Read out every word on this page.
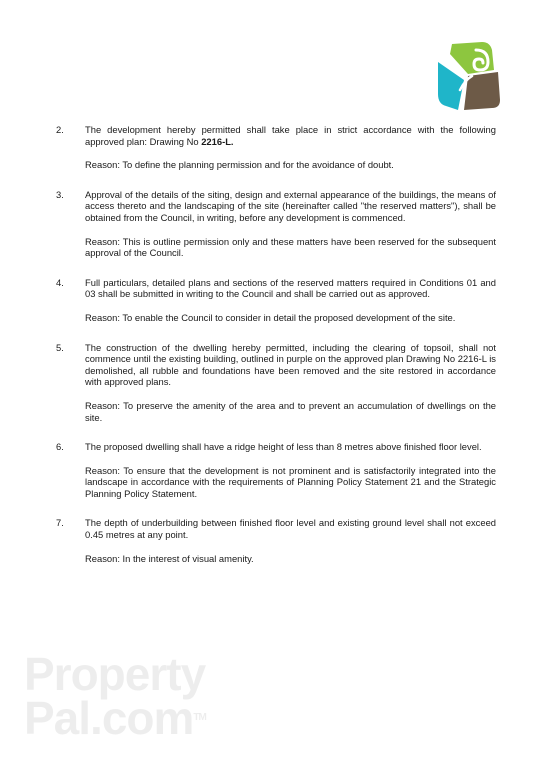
2. The development hereby permitted shall take place in strict accordance with the following approved plan: Drawing No 2216-L.

Reason: To define the planning permission and for the avoidance of doubt.

3. Approval of the details of the siting, design and external appearance of the buildings, the means of access thereto and the landscaping of the site (hereinafter called "the reserved matters"), shall be obtained from the Council, in writing, before any development is commenced.

Reason: This is outline permission only and these matters have been reserved for the subsequent approval of the Council.

4. Full particulars, detailed plans and sections of the reserved matters required in Conditions 01 and 03 shall be submitted in writing to the Council and shall be carried out as approved.

Reason: To enable the Council to consider in detail the proposed development of the site.

5. The construction of the dwelling hereby permitted, including the clearing of topsoil, shall not commence until the existing building, outlined in purple on the approved plan Drawing No 2216-L is demolished, all rubble and foundations have been removed and the site restored in accordance with approved plans.

Reason: To preserve the amenity of the area and to prevent an accumulation of dwellings on the site.

6. The proposed dwelling shall have a ridge height of less than 8 metres above finished floor level.

Reason: To ensure that the development is not prominent and is satisfactorily integrated into the landscape in accordance with the requirements of Planning Policy Statement 21 and the Strategic Planning Policy Statement.

7. The depth of underbuilding between finished floor level and existing ground level shall not exceed 0.45 metres at any point.

Reason: In the interest of visual amenity.

Property
Pal.com™
